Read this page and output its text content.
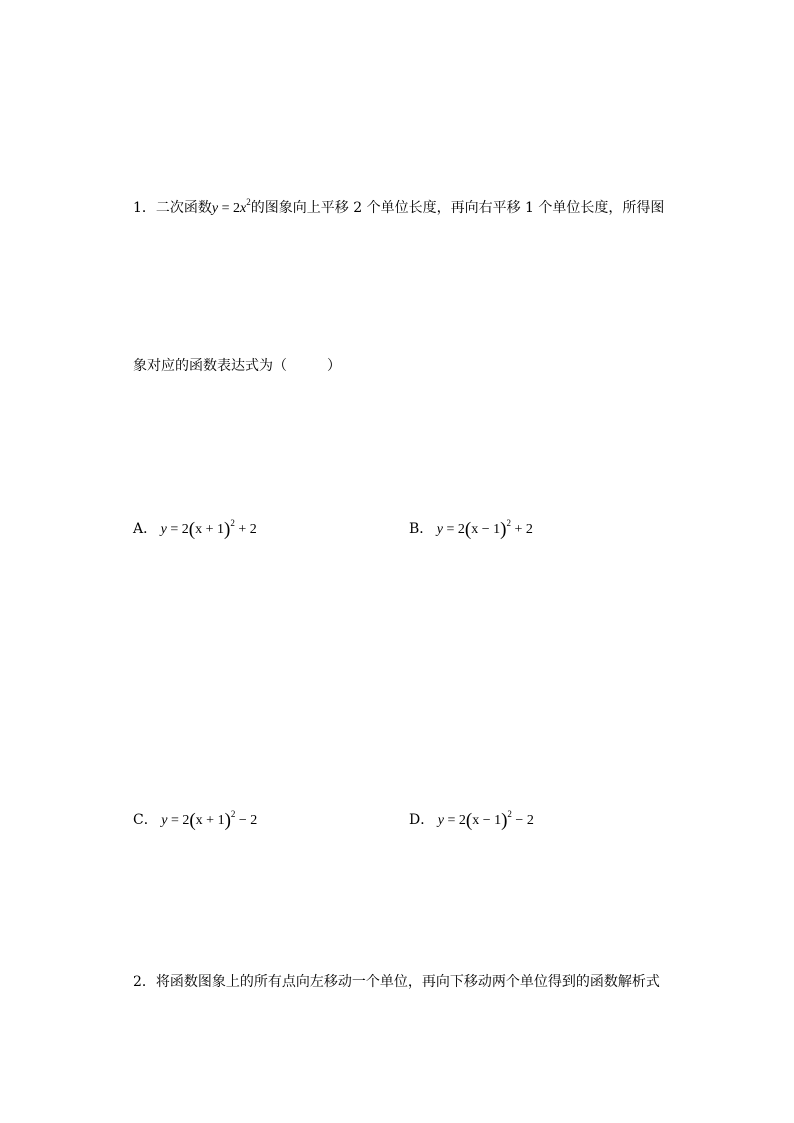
1．二次函数$y = 2x^2$的图象向上平移 2 个单位长度，再向右平移 1 个单位长度，所得图
象对应的函数表达式为（	）
A． $y = 2(x + 1)^2 + 2$	B． $y = 2(x - 1)^2 + 2$
C． $y = 2(x + 1)^2 - 2$	D． $y = 2(x - 1)^2 - 2$
2．将函数图象上的所有点向左移动一个单位，再向下移动两个单位得到的函数解析式
